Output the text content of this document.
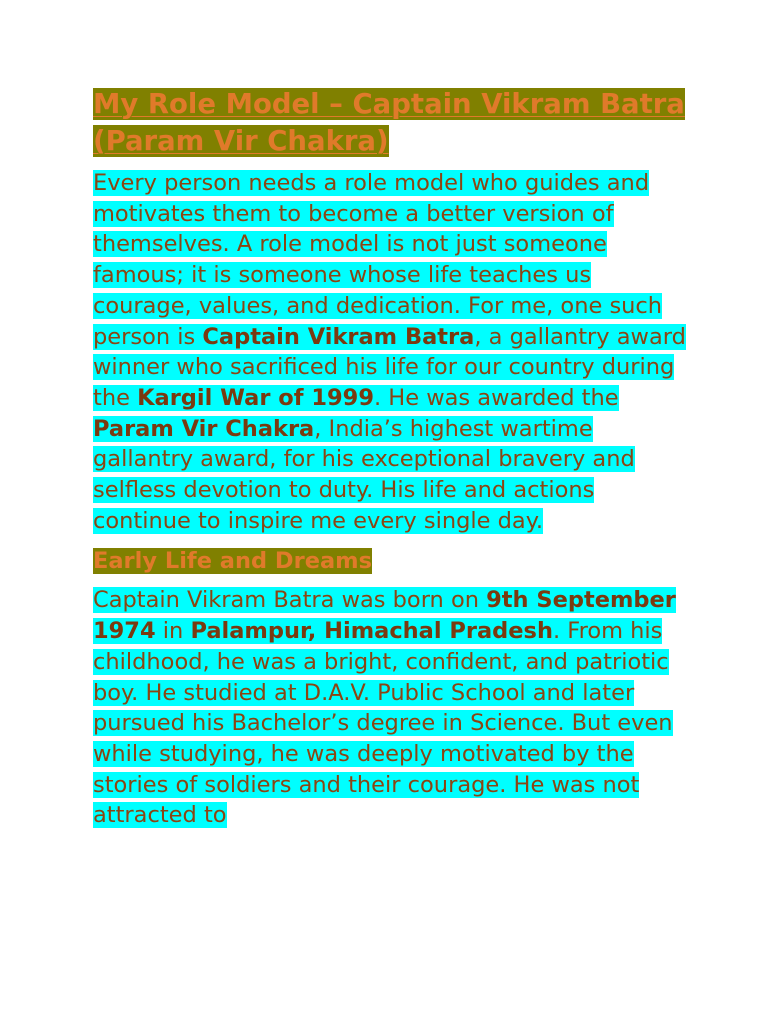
My Role Model – Captain Vikram Batra (Param Vir Chakra)

Every person needs a role model who guides and motivates them to become a better version of themselves. A role model is not just someone famous; it is someone whose life teaches us courage, values, and dedication. For me, one such person is Captain Vikram Batra, a gallantry award winner who sacrificed his life for our country during the Kargil War of 1999. He was awarded the Param Vir Chakra, India’s highest wartime gallantry award, for his exceptional bravery and selfless devotion to duty. His life and actions continue to inspire me every single day.

Early Life and Dreams

Captain Vikram Batra was born on 9th September 1974 in Palampur, Himachal Pradesh. From his childhood, he was a bright, confident, and patriotic boy. He studied at D.A.V. Public School and later pursued his Bachelor’s degree in Science. But even while studying, he was deeply motivated by the stories of soldiers and their courage. He was not attracted to
